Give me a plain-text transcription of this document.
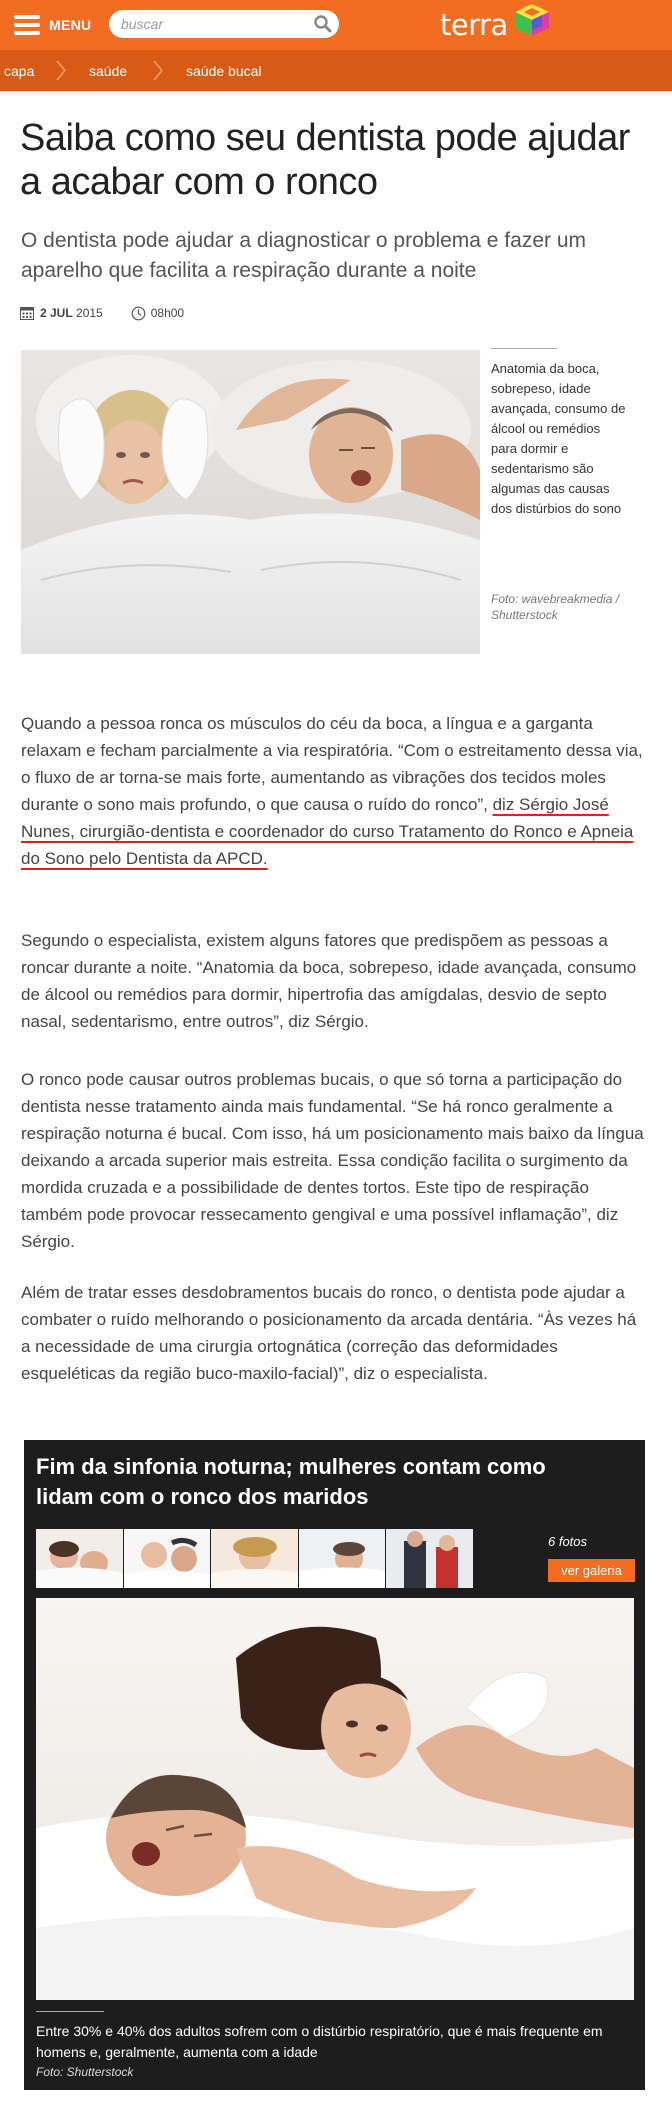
MENU
buscar	terra
capa	saúde	saúde bucal
Saiba como seu dentista pode ajudar a acabar com o ronco

O dentista pode ajudar a diagnosticar o problema e fazer um aparelho que facilita a respiração durante a noite

2 JUL 2015	08h00

Anatomia da boca, sobrepeso, idade avançada, consumo de álcool ou remédios para dormir e sedentarismo são algumas das causas dos distúrbios do sono

Foto: wavebreakmedia / Shutterstock

Quando a pessoa ronca os músculos do céu da boca, a língua e a garganta relaxam e fecham parcialmente a via respiratória. “Com o estreitamento dessa via, o fluxo de ar torna-se mais forte, aumentando as vibrações dos tecidos moles durante o sono mais profundo, o que causa o ruído do ronco”, diz Sérgio José Nunes, cirurgião-dentista e coordenador do curso Tratamento do Ronco e Apneia do Sono pelo Dentista da APCD.

Segundo o especialista, existem alguns fatores que predispõem as pessoas a roncar durante a noite. “Anatomia da boca, sobrepeso, idade avançada, consumo de álcool ou remédios para dormir, hipertrofia das amígdalas, desvio de septo nasal, sedentarismo, entre outros”, diz Sérgio.

O ronco pode causar outros problemas bucais, o que só torna a participação do dentista nesse tratamento ainda mais fundamental. “Se há ronco geralmente a respiração noturna é bucal. Com isso, há um posicionamento mais baixo da língua deixando a arcada superior mais estreita. Essa condição facilita o surgimento da mordida cruzada e a possibilidade de dentes tortos. Este tipo de respiração também pode provocar ressecamento gengival e uma possível inflamação”, diz Sérgio.

Além de tratar esses desdobramentos bucais do ronco, o dentista pode ajudar a combater o ruído melhorando o posicionamento da arcada dentária. “Às vezes há a necessidade de uma cirurgia ortognática (correção das deformidades esqueléticas da região buco-maxilo-facial)”, diz o especialista.

Fim da sinfonia noturna; mulheres contam como lidam com o ronco dos maridos
6 fotos
ver galeria

Entre 30% e 40% dos adultos sofrem com o distúrbio respiratório, que é mais frequente em homens e, geralmente, aumenta com a idade

Foto: Shutterstock
